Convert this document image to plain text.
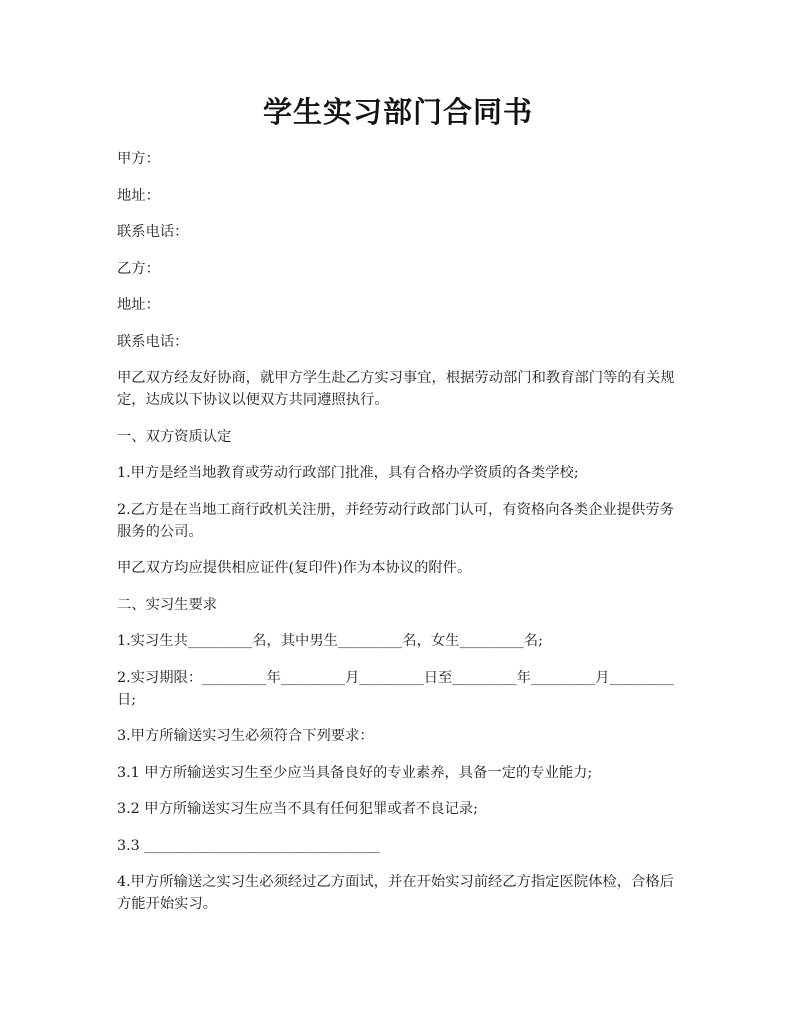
学生实习部门合同书

甲方：

地址：

联系电话：

乙方：

地址：

联系电话：

甲乙双方经友好协商，就甲方学生赴乙方实习事宜，根据劳动部门和教育部门等的有关规定，达成以下协议以便双方共同遵照执行。

一、双方资质认定

1.甲方是经当地教育或劳动行政部门批准，具有合格办学资质的各类学校;

2.乙方是在当地工商行政机关注册，并经劳动行政部门认可，有资格向各类企业提供劳务服务的公司。

甲乙双方均应提供相应证件(复印件)作为本协议的附件。

二、实习生要求

1.实习生共_________名，其中男生_________名，女生_________名;

2.实习期限：_________年_________月_________日至_________年_________月_________日;

3.甲方所输送实习生必须符合下列要求：

3.1 甲方所输送实习生至少应当具备良好的专业素养，具备一定的专业能力;

3.2 甲方所输送实习生应当不具有任何犯罪或者不良记录;

3.3 _________________________________

4.甲方所输送之实习生必须经过乙方面试，并在开始实习前经乙方指定医院体检，合格后方能开始实习。
